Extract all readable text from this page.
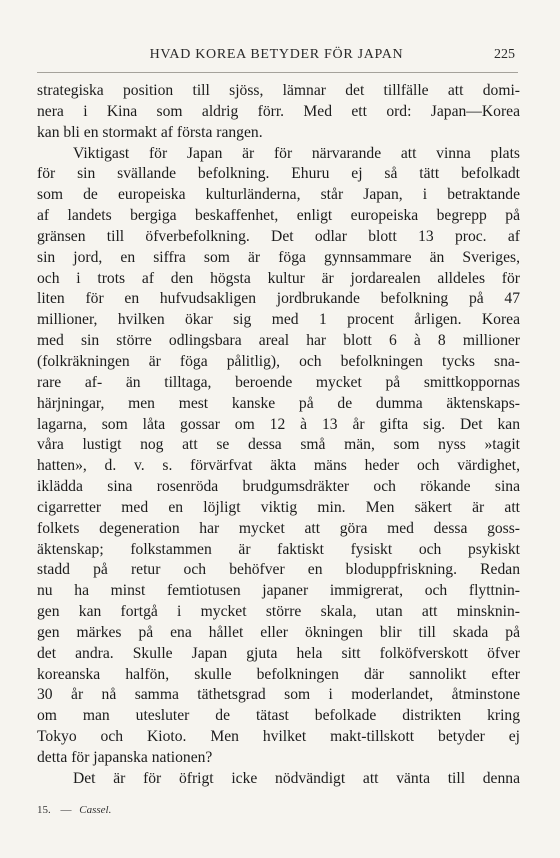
HVAD KOREA BETYDER FÖR JAPAN	225
strategiska position till sjöss, lämnar det tillfälle att domi-
nera i Kina som aldrig förr. Med ett ord: Japan—Korea
kan bli en stormakt af första rangen.
Viktigast för Japan är för närvarande att vinna plats
för sin svällande befolkning. Ehuru ej så tätt befolkadt
som de europeiska kulturländerna, står Japan, i betraktande
af landets bergiga beskaffenhet, enligt europeiska begrepp på
gränsen till öfverbefolkning. Det odlar blott 13 proc. af
sin jord, en siffra som är föga gynnsammare än Sveriges,
och i trots af den högsta kultur är jordarealen alldeles för
liten för en hufvudsakligen jordbrukande befolkning på 47
millioner, hvilken ökar sig med 1 procent årligen. Korea
med sin större odlingsbara areal har blott 6 à 8 millioner
(folkräkningen är föga pålitlig), och befolkningen tycks sna-
rare af- än tilltaga, beroende mycket på smittkoppornas
härjningar, men mest kanske på de dumma äktenskaps-
lagarna, som låta gossar om 12 à 13 år gifta sig. Det kan
våra lustigt nog att se dessa små män, som nyss »tagit
hatten», d. v. s. förvärfvat äkta mäns heder och värdighet,
iklädda sina rosenröda brudgumsdräkter och rökande sina
cigarretter med en löjligt viktig min. Men säkert är att
folkets degeneration har mycket att göra med dessa goss-
äktenskap; folkstammen är faktiskt fysiskt och psykiskt
stadd på retur och behöfver en bloduppfriskning. Redan
nu ha minst femtiotusen japaner immigrerat, och flyttnin-
gen kan fortgå i mycket större skala, utan att minsknin-
gen märkes på ena hållet eller ökningen blir till skada på
det andra. Skulle Japan gjuta hela sitt folköfverskott öfver
koreanska halfön, skulle befolkningen där sannolikt efter
30 år nå samma täthetsgrad som i moderlandet, åtminstone
om man utesluter de tätast befolkade distrikten kring
Tokyo och Kioto. Men hvilket makt-tillskott betyder ej
detta för japanska nationen?
Det är för öfrigt icke nödvändigt att vänta till denna
15. — Cassel.
